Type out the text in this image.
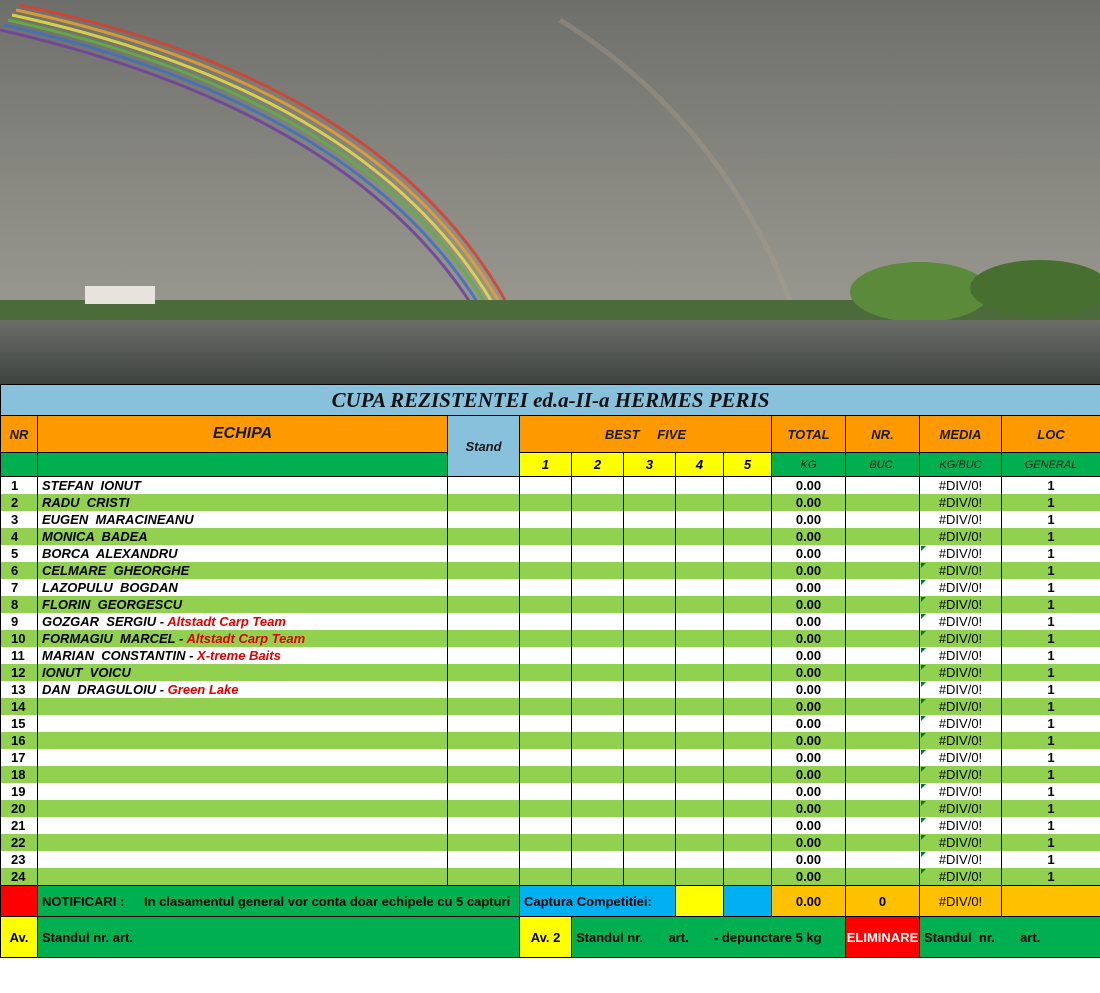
CUPA REZISTENTEI ed.a-II-a HERMES PERIS											
NR	ECHIPA	Stand	BEST FIVE					TOTAL	NR.	MEDIA	LOC
			1	2	3	4	5	KG	BUC.	KG/BUC	GENERAL
1	STEFAN  IONUT							0.00		#DIV/0!	1
2	RADU  CRISTI							0.00		#DIV/0!	1
3	EUGEN  MARACINEANU							0.00		#DIV/0!	1
4	MONICA  BADEA							0.00		#DIV/0!	1
5	BORCA  ALEXANDRU							0.00		#DIV/0!	1
6	CELMARE  GHEORGHE							0.00		#DIV/0!	1
7	LAZOPULU  BOGDAN							0.00		#DIV/0!	1
8	FLORIN  GEORGESCU							0.00		#DIV/0!	1
9	GOZGAR  SERGIU - Altstadt Carp Team							0.00		#DIV/0!	1
10	FORMAGIU  MARCEL - Altstadt Carp Team							0.00		#DIV/0!	1
11	MARIAN  CONSTANTIN - X-treme Baits							0.00		#DIV/0!	1
12	IONUT  VOICU							0.00		#DIV/0!	1
13	DAN  DRAGULOIU - Green Lake							0.00		#DIV/0!	1
14								0.00		#DIV/0!	1
15								0.00		#DIV/0!	1
16								0.00		#DIV/0!	1
17								0.00		#DIV/0!	1
18								0.00		#DIV/0!	1
19								0.00		#DIV/0!	1
20								0.00		#DIV/0!	1
21								0.00		#DIV/0!	1
22								0.00		#DIV/0!	1
23								0.00		#DIV/0!	1
24								0.00		#DIV/0!	1
	NOTIFICARI : In clasamentul general vor conta doar echipele cu 5 capturi		Captura Competitiei:					0.00	0	#DIV/0!	
Av.	Standul nr. art.		Av. 2	Standul nr.       art.       - depunctare 5 kg					ELIMINARE	Standul  nr.       art.	
